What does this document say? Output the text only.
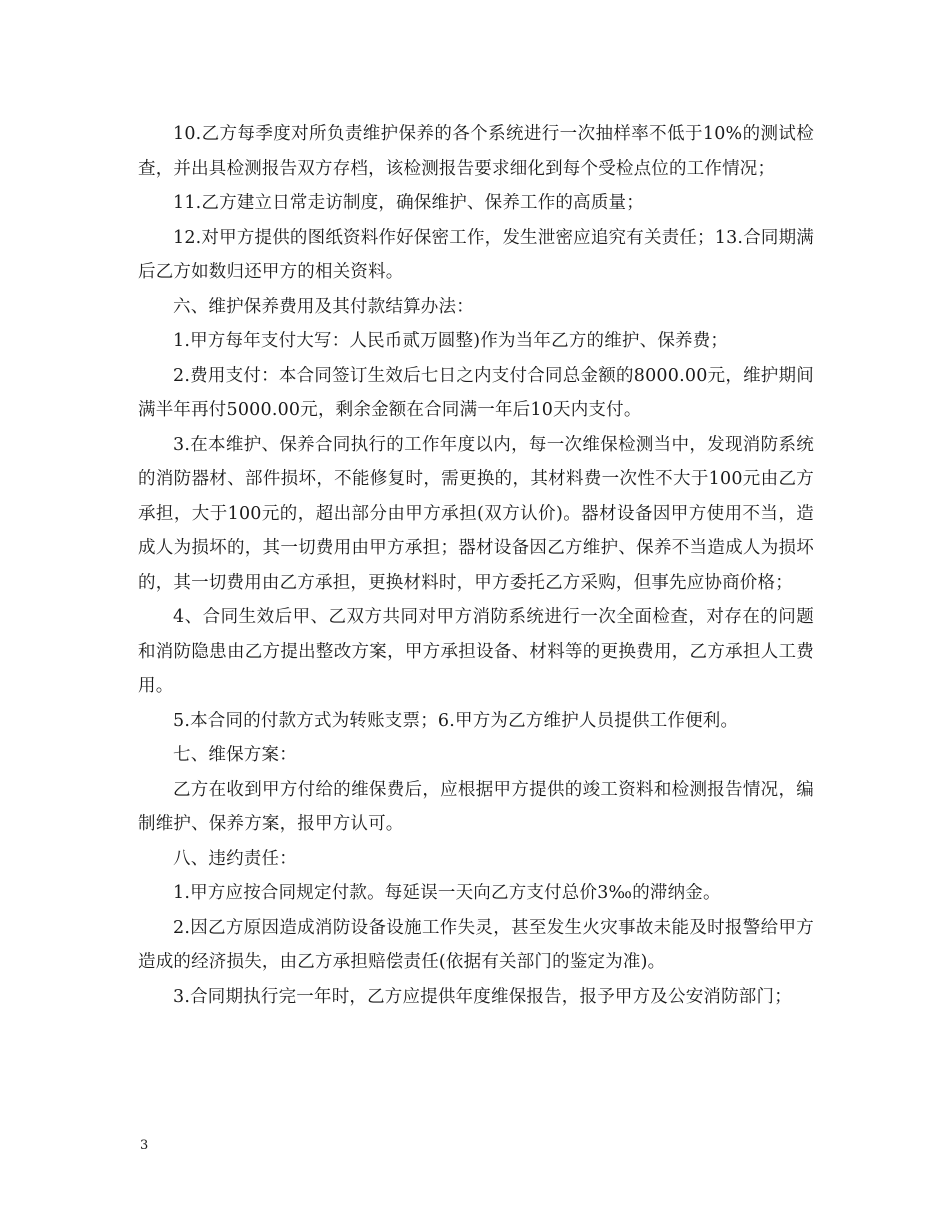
10.乙方每季度对所负责维护保养的各个系统进行一次抽样率不低于10%的测试检查，并出具检测报告双方存档，该检测报告要求细化到每个受检点位的工作情况；

11.乙方建立日常走访制度，确保维护、保养工作的高质量；

12.对甲方提供的图纸资料作好保密工作，发生泄密应追究有关责任；13.合同期满后乙方如数归还甲方的相关资料。

六、维护保养费用及其付款结算办法：

1.甲方每年支付大写：人民币贰万圆整)作为当年乙方的维护、保养费；

2.费用支付：本合同签订生效后七日之内支付合同总金额的8000.00元，维护期间满半年再付5000.00元，剩余金额在合同满一年后10天内支付。

3.在本维护、保养合同执行的工作年度以内，每一次维保检测当中，发现消防系统的消防器材、部件损坏，不能修复时，需更换的，其材料费一次性不大于100元由乙方承担，大于100元的，超出部分由甲方承担(双方认价)。器材设备因甲方使用不当，造成人为损坏的，其一切费用由甲方承担；器材设备因乙方维护、保养不当造成人为损坏的，其一切费用由乙方承担，更换材料时，甲方委托乙方采购，但事先应协商价格；

4、合同生效后甲、乙双方共同对甲方消防系统进行一次全面检查，对存在的问题和消防隐患由乙方提出整改方案，甲方承担设备、材料等的更换费用，乙方承担人工费用。

5.本合同的付款方式为转账支票；6.甲方为乙方维护人员提供工作便利。

七、维保方案：

乙方在收到甲方付给的维保费后，应根据甲方提供的竣工资料和检测报告情况，编制维护、保养方案，报甲方认可。

八、违约责任：

1.甲方应按合同规定付款。每延误一天向乙方支付总价3‰的滞纳金。

2.因乙方原因造成消防设备设施工作失灵，甚至发生火灾事故未能及时报警给甲方造成的经济损失，由乙方承担赔偿责任(依据有关部门的鉴定为准)。

3.合同期执行完一年时，乙方应提供年度维保报告，报予甲方及公安消防部门；

3
